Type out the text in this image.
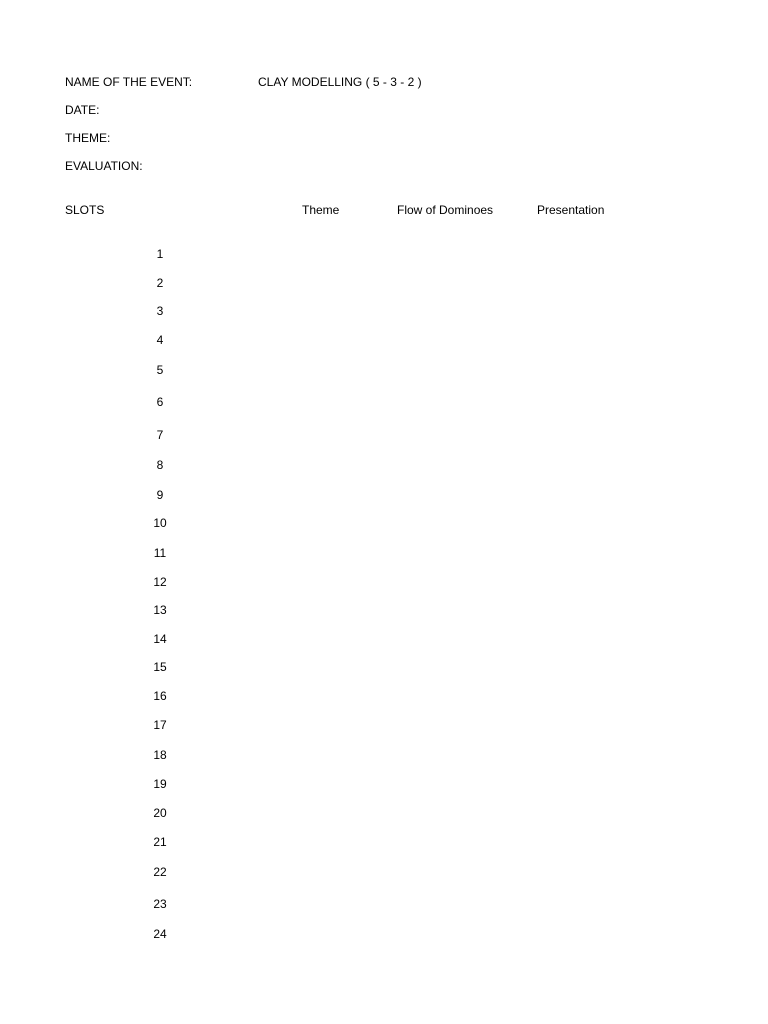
NAME OF THE EVENT:	CLAY MODELLING ( 5 - 3 - 2 )
DATE:
THEME:
EVALUATION:
SLOTS	Theme	Flow of Dominoes	Presentation
1
2
3
4
5
6
7
8
9
10
11
12
13
14
15
16
17
18
19
20
21
22
23
24
